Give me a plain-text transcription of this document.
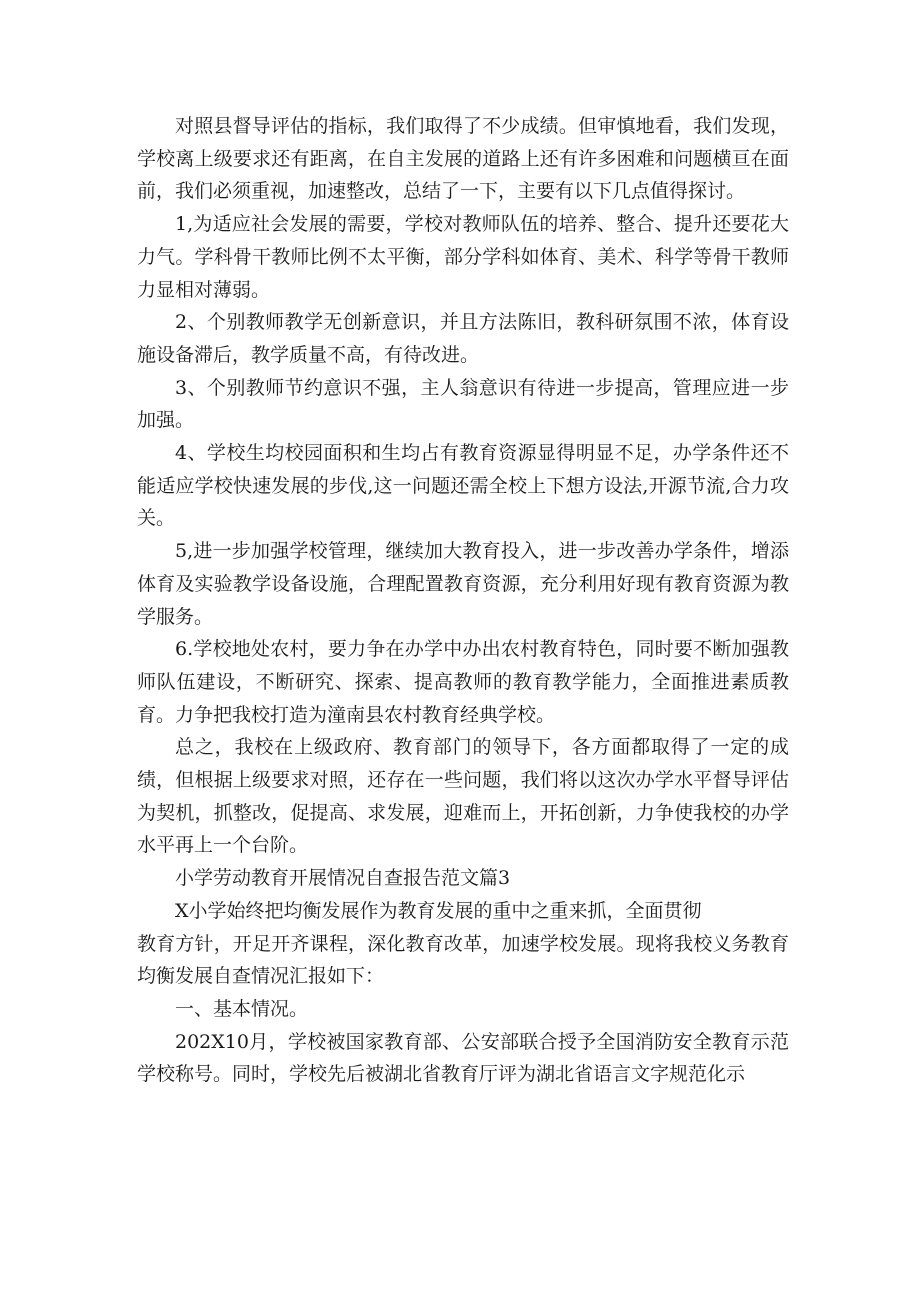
对照县督导评估的指标，我们取得了不少成绩。但审慎地看，我们发现，学校离上级要求还有距离，在自主发展的道路上还有许多困难和问题横亘在面前，我们必须重视，加速整改，总结了一下，主要有以下几点值得探讨。

1,为适应社会发展的需要，学校对教师队伍的培养、整合、提升还要花大力气。学科骨干教师比例不太平衡，部分学科如体育、美术、科学等骨干教师力显相对薄弱。

2、个别教师教学无创新意识，并且方法陈旧，教科研氛围不浓，体育设施设备滞后，教学质量不高，有待改进。

3、个别教师节约意识不强，主人翁意识有待进一步提高，管理应进一步加强。

4、学校生均校园面积和生均占有教育资源显得明显不足，办学条件还不能适应学校快速发展的步伐,这一问题还需全校上下想方设法,开源节流,合力攻关。

5,进一步加强学校管理，继续加大教育投入，进一步改善办学条件，增添体育及实验教学设备设施，合理配置教育资源，充分利用好现有教育资源为教学服务。

6.学校地处农村，要力争在办学中办出农村教育特色，同时要不断加强教师队伍建设，不断研究、探索、提高教师的教育教学能力，全面推进素质教育。力争把我校打造为潼南县农村教育经典学校。

总之，我校在上级政府、教育部门的领导下，各方面都取得了一定的成绩，但根据上级要求对照，还存在一些问题，我们将以这次办学水平督导评估为契机，抓整改，促提高、求发展，迎难而上，开拓创新，力争使我校的办学水平再上一个台阶。

小学劳动教育开展情况自查报告范文篇3

X小学始终把均衡发展作为教育发展的重中之重来抓，全面贯彻

教育方针，开足开齐课程，深化教育改革，加速学校发展。现将我校义务教育均衡发展自查情况汇报如下：

一、基本情况。

202X10月，学校被国家教育部、公安部联合授予全国消防安全教育示范学校称号。同时，学校先后被湖北省教育厅评为湖北省语言文字规范化示
